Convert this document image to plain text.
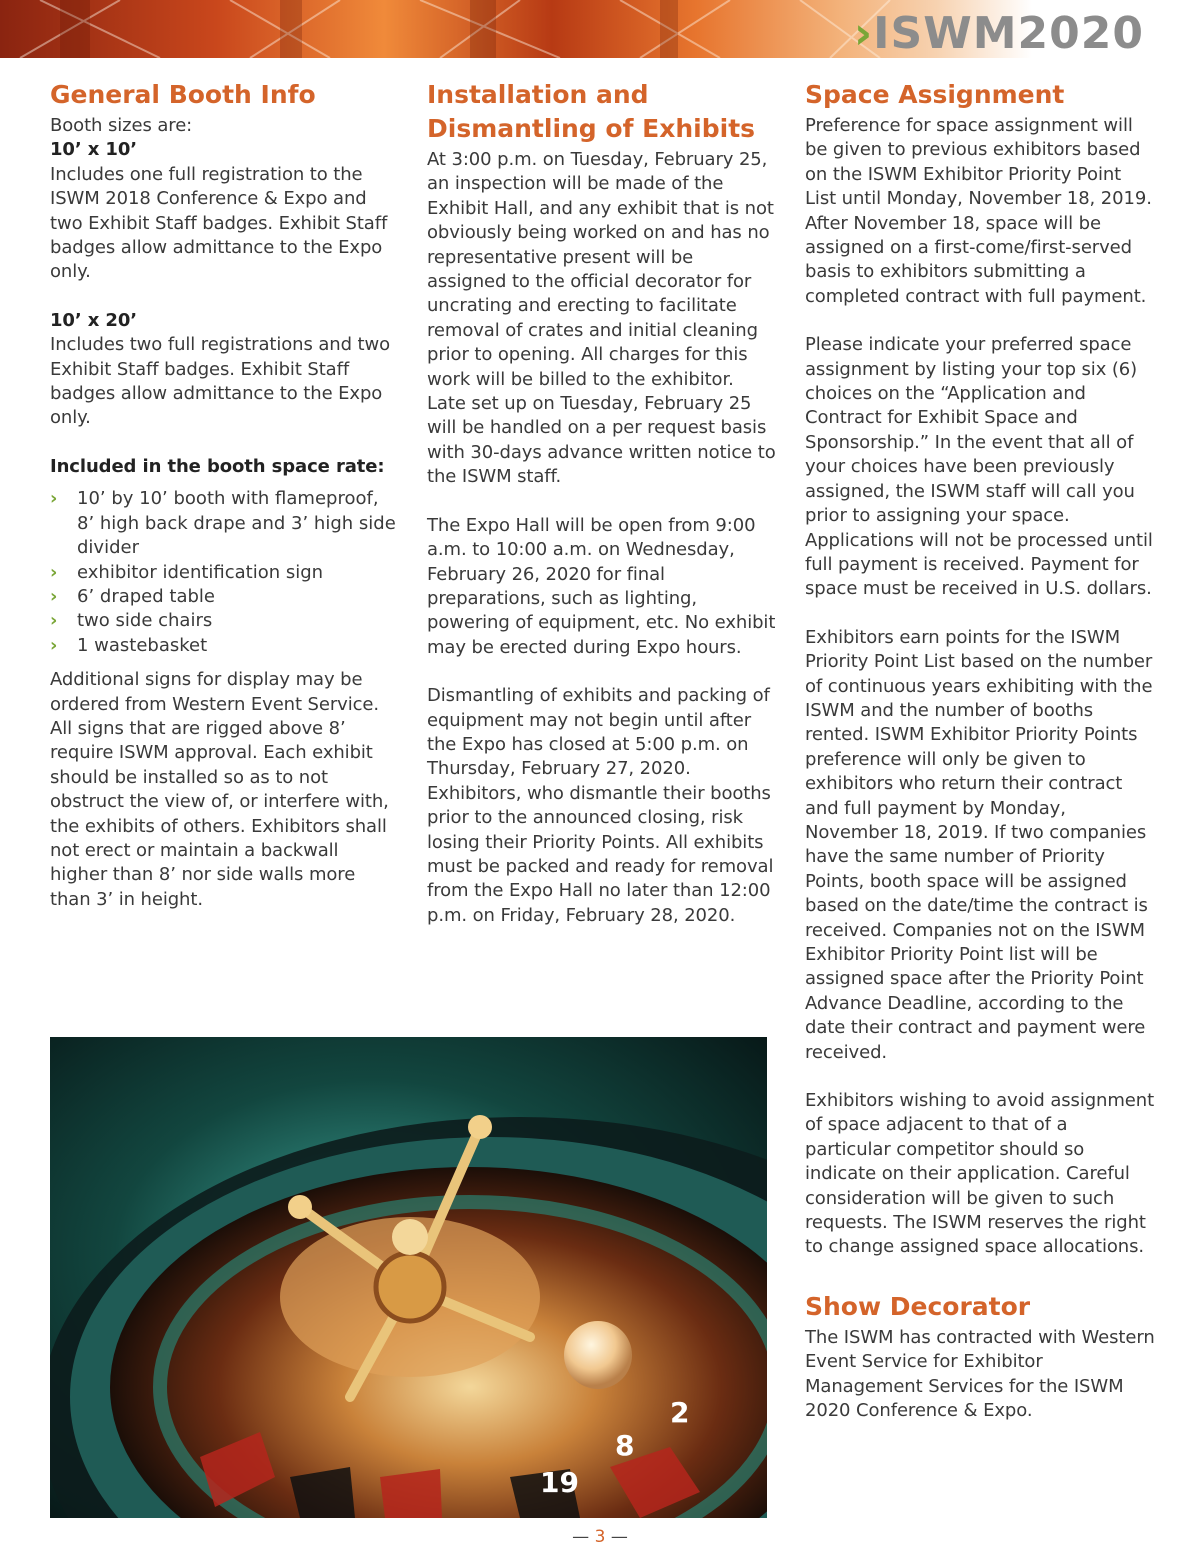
›ISWM2020
General Booth Info

Booth sizes are:

10’ x 10’

Includes one full registration to the ISWM 2018 Conference & Expo and two Exhibit Staff badges. Exhibit Staff badges allow admittance to the Expo only.

10’ x 20’

Includes two full registrations and two Exhibit Staff badges. Exhibit Staff badges allow admittance to the Expo only.

Included in the booth space rate:

› 10’ by 10’ booth with flameproof, 8’ high back drape and 3’ high side divider
› exhibitor identification sign
› 6’ draped table
› two side chairs
› 1 wastebasket

Additional signs for display may be ordered from Western Event Service. All signs that are rigged above 8’ require ISWM approval. Each exhibit should be installed so as to not obstruct the view of, or interfere with, the exhibits of others. Exhibitors shall not erect or maintain a backwall higher than 8’ nor side walls more than 3’ in height.

Installation and Dismantling of Exhibits

At 3:00 p.m. on Tuesday, February 25, an inspection will be made of the Exhibit Hall, and any exhibit that is not obviously being worked on and has no representative present will be assigned to the official decorator for uncrating and erecting to facilitate removal of crates and initial cleaning prior to opening. All charges for this work will be billed to the exhibitor. Late set up on Tuesday, February 25 will be handled on a per request basis with 30-days advance written notice to the ISWM staff.

The Expo Hall will be open from 9:00 a.m. to 10:00 a.m. on Wednesday, February 26, 2020 for final preparations, such as lighting, powering of equipment, etc. No exhibit may be erected during Expo hours.

Dismantling of exhibits and packing of equipment may not begin until after the Expo has closed at 5:00 p.m. on Thursday, February 27, 2020. Exhibitors, who dismantle their booths prior to the announced closing, risk losing their Priority Points. All exhibits must be packed and ready for removal from the Expo Hall no later than 12:00 p.m. on Friday, February 28, 2020.

Space Assignment

Preference for space assignment will be given to previous exhibitors based on the ISWM Exhibitor Priority Point List until Monday, November 18, 2019. After November 18, space will be assigned on a first-come/first-served basis to exhibitors submitting a completed contract with full payment.

Please indicate your preferred space assignment by listing your top six (6) choices on the “Application and Contract for Exhibit Space and Sponsorship.” In the event that all of your choices have been previously assigned, the ISWM staff will call you prior to assigning your space. Applications will not be processed until full payment is received. Payment for space must be received in U.S. dollars.

Exhibitors earn points for the ISWM Priority Point List based on the number of continuous years exhibiting with the ISWM and the number of booths rented. ISWM Exhibitor Priority Points preference will only be given to exhibitors who return their contract and full payment by Monday, November 18, 2019. If two companies have the same number of Priority Points, booth space will be assigned based on the date/time the contract is received. Companies not on the ISWM Exhibitor Priority Point list will be assigned space after the Priority Point Advance Deadline, according to the date their contract and payment were received.

Exhibitors wishing to avoid assignment of space adjacent to that of a particular competitor should so indicate on their application. Careful consideration will be given to such requests. The ISWM reserves the right to change assigned space allocations.

Show Decorator

The ISWM has contracted with Western Event Service for Exhibitor Management Services for the ISWM 2020 Conference & Expo.

2
8
19
— 3 —
